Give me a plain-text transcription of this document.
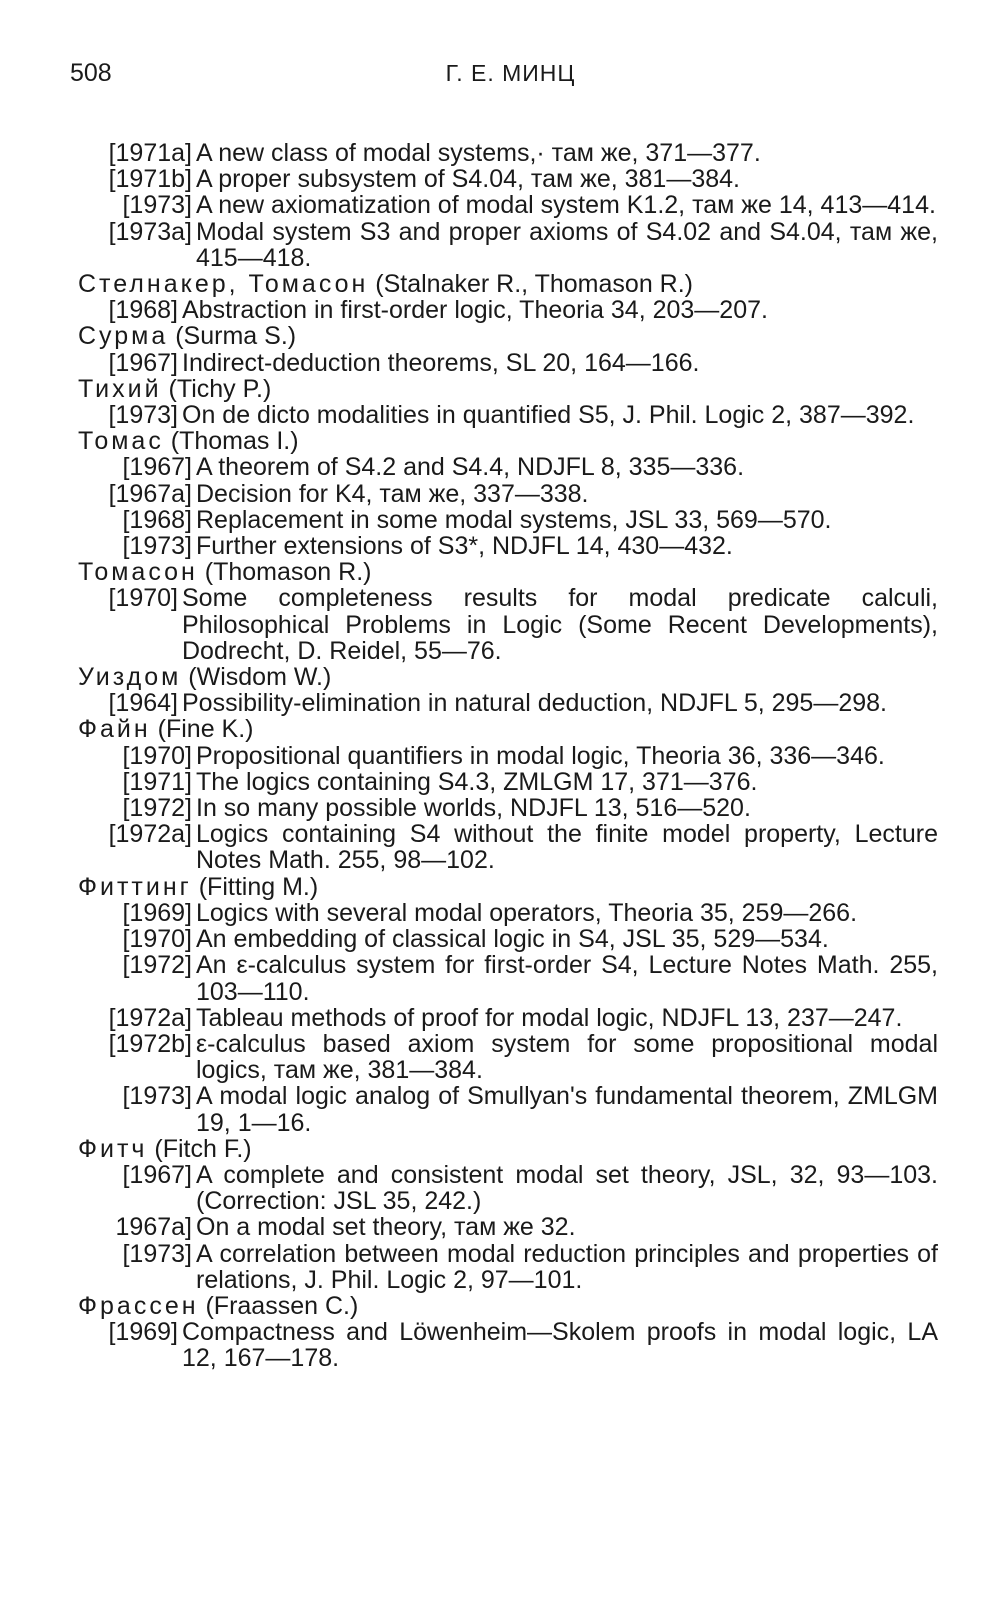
508	Г. Е. МИНЦ
[1971a] A new class of modal systems,· там же, 371—377.
[1971b] A proper subsystem of S4.04, там же, 381—384.
[1973] A new axiomatization of modal system K1.2, там же 14, 413—414.
[1973a] Modal system S3 and proper axioms of S4.02 and S4.04, там же, 415—418.
Стелнакер, Томасон (Stalnaker R., Thomason R.)
[1968] Abstraction in first-order logic, Theoria 34, 203—207.
Сурма (Surma S.)
[1967] Indirect-deduction theorems, SL 20, 164—166.
Тихий (Tichy P.)
[1973] On de dicto modalities in quantified S5, J. Phil. Logic 2, 387—392.
Томас (Thomas I.)
[1967] A theorem of S4.2 and S4.4, NDJFL 8, 335—336.
[1967a] Decision for K4, там же, 337—338.
[1968] Replacement in some modal systems, JSL 33, 569—570.
[1973] Further extensions of S3*, NDJFL 14, 430—432.
Томасон (Thomason R.)
[1970] Some completeness results for modal predicate calculi, Philosophical Problems in Logic (Some Recent Developments), Dodrecht, D. Reidel, 55—76.
Уиздом (Wisdom W.)
[1964] Possibility-elimination in natural deduction, NDJFL 5, 295—298.
Файн (Fine K.)
[1970] Propositional quantifiers in modal logic, Theoria 36, 336—346.
[1971] The logics containing S4.3, ZMLGM 17, 371—376.
[1972] In so many possible worlds, NDJFL 13, 516—520.
[1972a] Logics containing S4 without the finite model property, Lecture Notes Math. 255, 98—102.
Фиттинг (Fitting M.)
[1969] Logics with several modal operators, Theoria 35, 259—266.
[1970] An embedding of classical logic in S4, JSL 35, 529—534.
[1972] An ε-calculus system for first-order S4, Lecture Notes Math. 255, 103—110.
[1972a] Tableau methods of proof for modal logic, NDJFL 13, 237—247.
[1972b] ε-calculus based axiom system for some propositional modal logics, там же, 381—384.
[1973] A modal logic analog of Smullyan's fundamental theorem, ZMLGM 19, 1—16.
Фитч (Fitch F.)
[1967] A complete and consistent modal set theory, JSL, 32, 93—103. (Correction: JSL 35, 242.)
1967a] On a modal set theory, там же 32.
[1973] A correlation between modal reduction principles and properties of relations, J. Phil. Logic 2, 97—101.
Фрассен (Fraassen C.)
[1969] Compactness and Löwenheim—Skolem proofs in modal logic, LA 12, 167—178.
